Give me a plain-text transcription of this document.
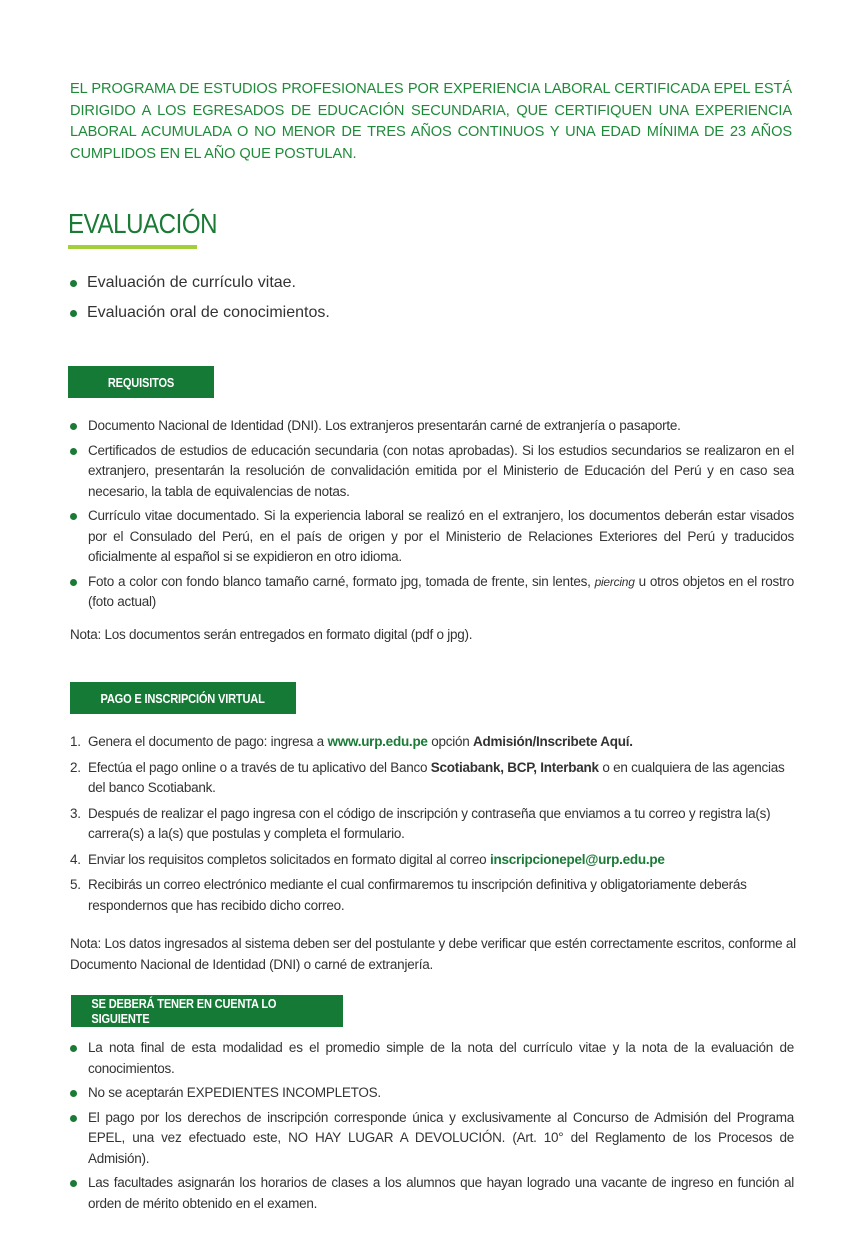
EL PROGRAMA DE ESTUDIOS PROFESIONALES POR EXPERIENCIA LABORAL CERTIFICADA EPEL ESTÁ DIRIGIDO A LOS EGRESADOS DE EDUCACIÓN SECUNDARIA, QUE CERTIFIQUEN UNA EXPERIENCIA LABORAL ACUMULADA O NO MENOR DE TRES AÑOS CONTINUOS Y UNA EDAD MÍNIMA DE 23 AÑOS CUMPLIDOS EN EL AÑO QUE POSTULAN.
EVALUACIÓN
Evaluación de currículo vitae.
Evaluación oral de conocimientos.
REQUISITOS
Documento Nacional de Identidad (DNI). Los extranjeros presentarán carné de extranjería o pasaporte.
Certificados de estudios de educación secundaria (con notas aprobadas). Si los estudios secundarios se realizaron en el extranjero, presentarán la resolución de convalidación emitida por el Ministerio de Educación del Perú y en caso sea necesario, la tabla de equivalencias de notas.
Currículo vitae documentado. Si la experiencia laboral se realizó en el extranjero, los documentos deberán estar visados por el Consulado del Perú, en el país de origen y por el Ministerio de Relaciones Exteriores del Perú y traducidos oficialmente al español si se expidieron en otro idioma.
Foto a color con fondo blanco tamaño carné, formato jpg, tomada de frente, sin lentes, piercing u otros objetos en el rostro (foto actual)
Nota: Los documentos serán entregados en formato digital (pdf o jpg).
PAGO E INSCRIPCIÓN VIRTUAL
1. Genera el documento de pago: ingresa a www.urp.edu.pe opción Admisión/Inscribete Aquí.
2. Efectúa el pago online o a través de tu aplicativo del Banco Scotiabank, BCP, Interbank o en cualquiera de las agencias del banco Scotiabank.
3. Después de realizar el pago ingresa con el código de inscripción y contraseña que enviamos a tu correo y registra la(s) carrera(s) a la(s) que postulas y completa el formulario.
4. Enviar los requisitos completos solicitados en formato digital al correo inscripcionepel@urp.edu.pe
5. Recibirás un correo electrónico mediante el cual confirmaremos tu inscripción definitiva y obligatoriamente deberás respondernos que has recibido dicho correo.
Nota: Los datos ingresados al sistema deben ser del postulante y debe verificar que estén correctamente escritos, conforme al Documento Nacional de Identidad (DNI) o carné de extranjería.
SE DEBERÁ TENER EN CUENTA LO SIGUIENTE
La nota final de esta modalidad es el promedio simple de la nota del currículo vitae y la nota de la evaluación de conocimientos.
No se aceptarán EXPEDIENTES INCOMPLETOS.
El pago por los derechos de inscripción corresponde única y exclusivamente al Concurso de Admisión del Programa EPEL, una vez efectuado este, NO HAY LUGAR A DEVOLUCIÓN. (Art. 10° del Reglamento de los Procesos de Admisión).
Las facultades asignarán los horarios de clases a los alumnos que hayan logrado una vacante de ingreso en función al orden de mérito obtenido en el examen.
